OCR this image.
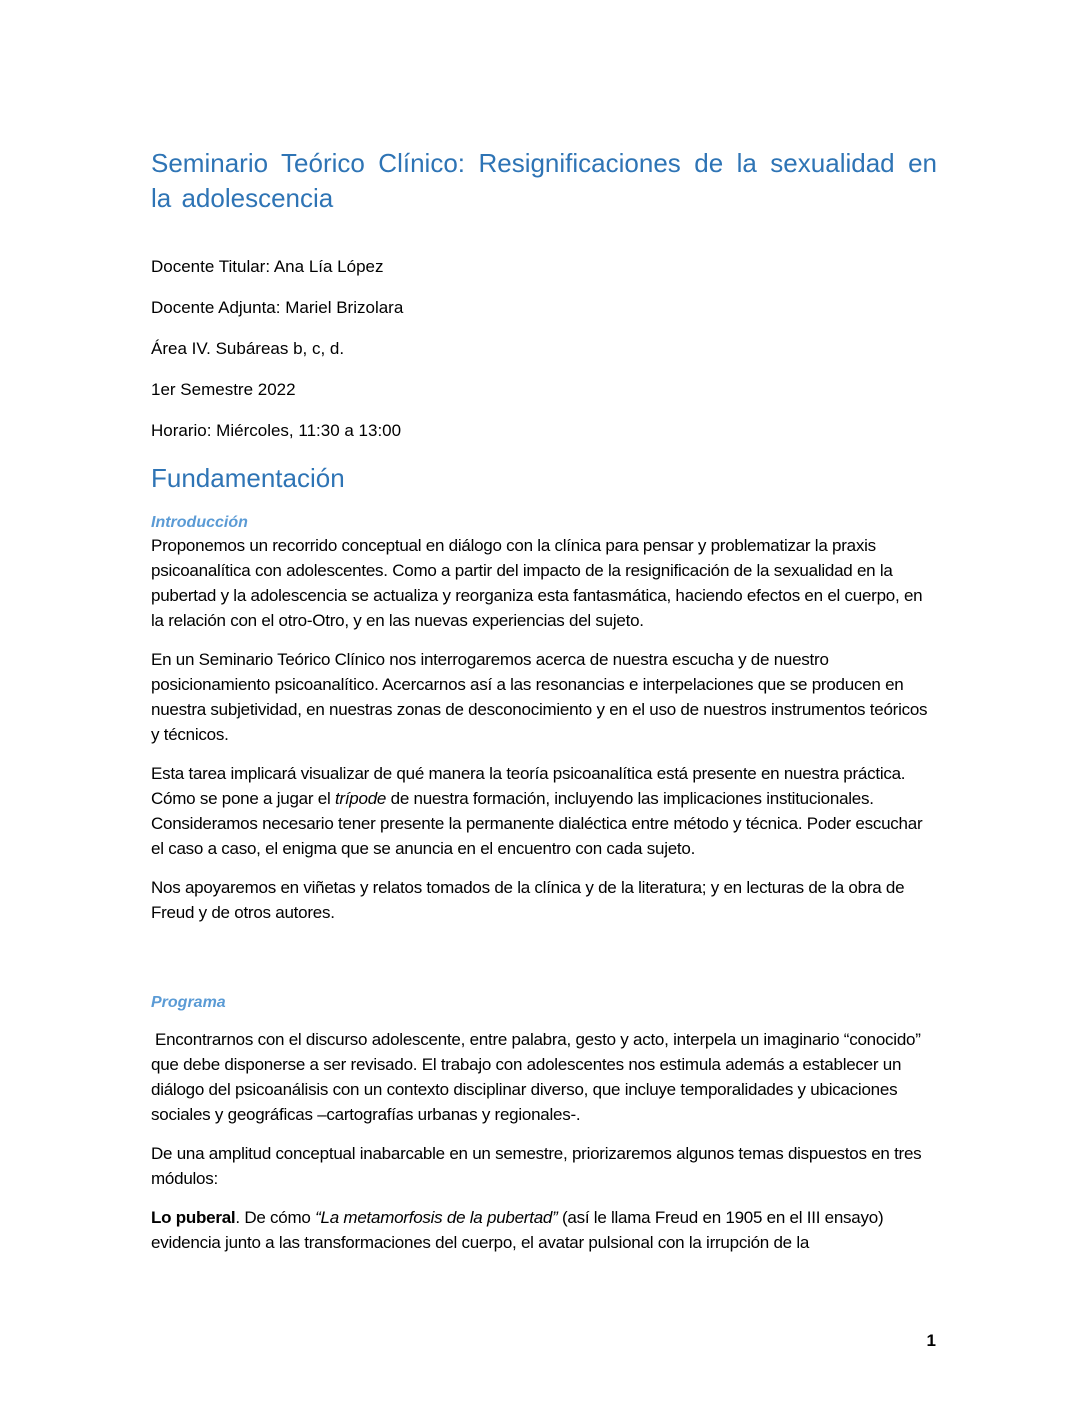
Seminario Teórico Clínico: Resignificaciones de la sexualidad en la adolescencia

Docente Titular: Ana Lía López

Docente Adjunta: Mariel Brizolara

Área IV. Subáreas b, c, d.

1er Semestre 2022

Horario: Miércoles, 11:30 a 13:00

Fundamentación
Introducción

Proponemos un recorrido conceptual en diálogo con la clínica para pensar y problematizar la praxis psicoanalítica con adolescentes. Como a partir del impacto de la resignificación de la sexualidad en la pubertad y la adolescencia se actualiza y reorganiza esta fantasmática, haciendo efectos en el cuerpo, en la relación con el otro-Otro, y en las nuevas experiencias del sujeto.

En un Seminario Teórico Clínico nos interrogaremos acerca de nuestra escucha y de nuestro posicionamiento psicoanalítico. Acercarnos así a las resonancias e interpelaciones que se producen en nuestra subjetividad, en nuestras zonas de desconocimiento y en el uso de nuestros instrumentos teóricos y técnicos.

Esta tarea implicará visualizar de qué manera la teoría psicoanalítica está presente en nuestra práctica. Cómo se pone a jugar el trípode de nuestra formación, incluyendo las implicaciones institucionales. Consideramos necesario tener presente la permanente dialéctica entre método y técnica. Poder escuchar el caso a caso, el enigma que se anuncia en el encuentro con cada sujeto.

Nos apoyaremos en viñetas y relatos tomados de la clínica y de la literatura; y en lecturas de la obra de Freud y de otros autores.

Programa

Encontrarnos con el discurso adolescente, entre palabra, gesto y acto, interpela un imaginario “conocido” que debe disponerse a ser revisado. El trabajo con adolescentes nos estimula además a establecer un diálogo del psicoanálisis con un contexto disciplinar diverso, que incluye temporalidades y ubicaciones sociales y geográficas –cartografías urbanas y regionales-.

De una amplitud conceptual inabarcable en un semestre, priorizaremos algunos temas dispuestos en tres módulos:

Lo puberal. De cómo “La metamorfosis de la pubertad” (así le llama Freud en 1905 en el III ensayo) evidencia junto a las transformaciones del cuerpo, el avatar pulsional con la irrupción de la

1
